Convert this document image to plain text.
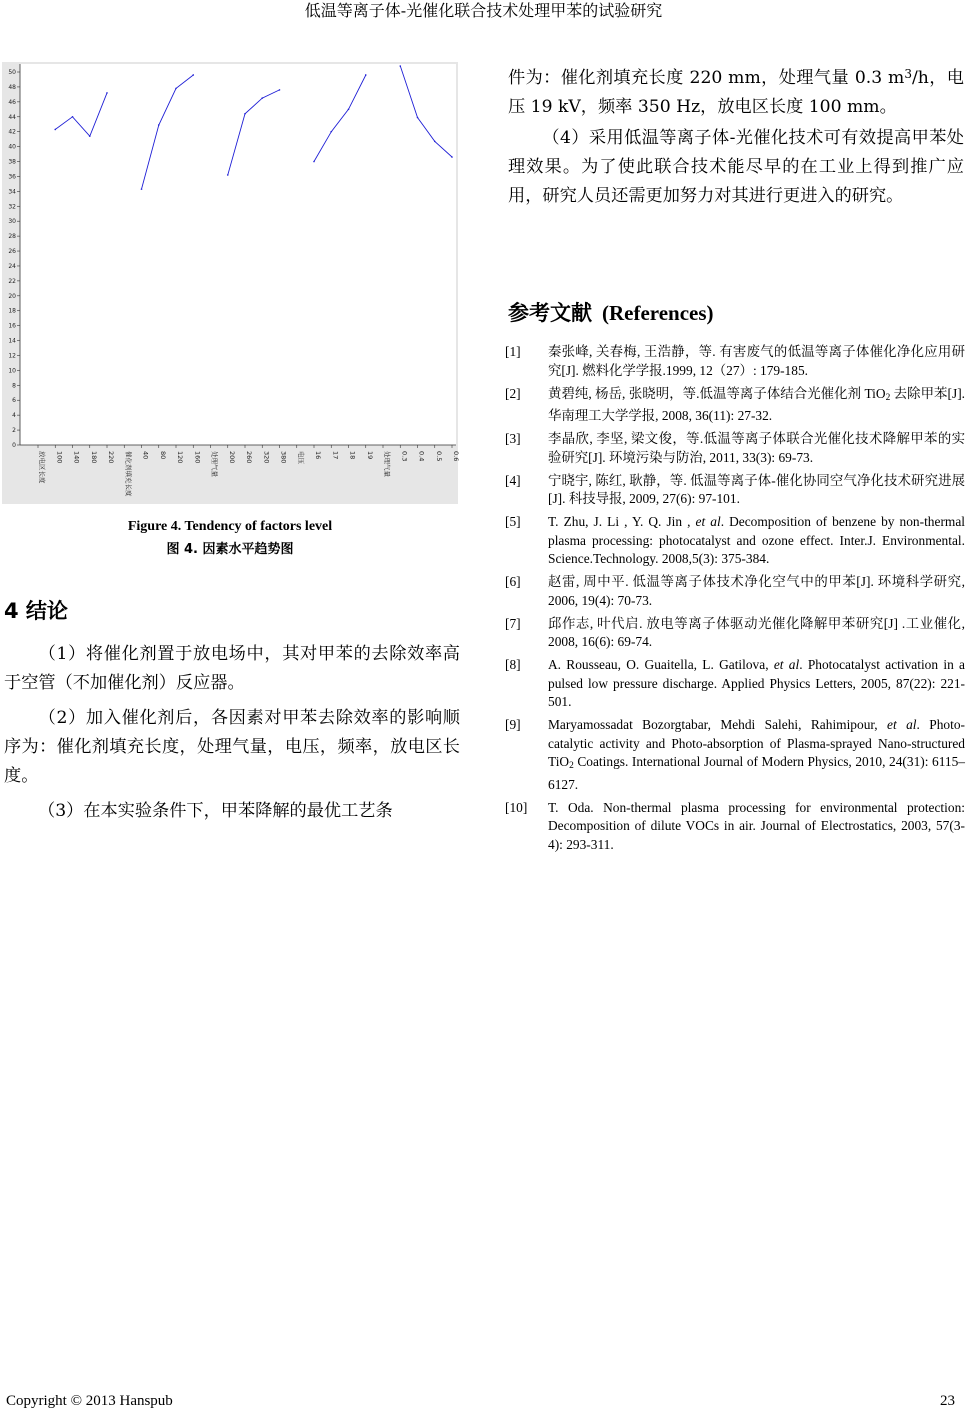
低温等离子体-光催化联合技术处理甲苯的试验研究
0
2
4
6
8
10
12
14
16
18
20
22
24
26
28
30
32
34
36
38
40
42
44
46
48
50
放电区长度 100 140 180 220 催化剂填充长度 40 80 120 160 处理气量 200 260 320 380 电压 16 17 18 19 处理气量 0.3 0.4 0.5 0.6
Figure 4. Tendency of factors level
图 4. 因素水平趋势图
4 结论
（1）将催化剂置于放电场中，其对甲苯的去除效率高于空管（不加催化剂）反应器。
（2）加入催化剂后，各因素对甲苯去除效率的影响顺序为：催化剂填充长度，处理气量，电压，频率，放电区长度。
（3）在本实验条件下，甲苯降解的最优工艺条
件为：催化剂填充长度 220 mm，处理气量 0.3 $m^3/h$，电压 19 kV，频率 350 Hz，放电区长度 100 mm。
（4）采用低温等离子体-光催化技术可有效提高甲苯处理效果。为了使此联合技术能尽早的在工业上得到推广应用，研究人员还需更加努力对其进行更进入的研究。
参考文献 (References)
[1] 秦张峰, 关春梅, 王浩静，等. 有害废气的低温等离子体催化净化应用研究[J]. 燃料化学学报.1999, 12（27）: 179-185.
[2] 黄碧纯, 杨岳, 张晓明，等.低温等离子体结合光催化剂 TiO$_2$ 去除甲苯[J]. 华南理工大学学报, 2008, 36(11): 27-32.
[3] 李晶欣, 李坚, 梁文俊，等.低温等离子体联合光催化技术降解甲苯的实验研究[J]. 环境污染与防治, 2011, 33(3): 69-73.
[4] 宁晓宇, 陈红, 耿静，等. 低温等离子体-催化协同空气净化技术研究进展[J]. 科技导报, 2009, 27(6): 97-101.
[5] T. Zhu, J. Li , Y. Q. Jin , et al. Decomposition of benzene by non-thermal plasma processing: photocatalyst and ozone effect. Inter.J. Environmental. Science.Technology. 2008,5(3): 375-384.
[6] 赵雷, 周中平. 低温等离子体技术净化空气中的甲苯[J]. 环境科学研究, 2006, 19(4): 70-73.
[7] 邱作志, 叶代启. 放电等离子体驱动光催化降解甲苯研究[J] .工业催化, 2008, 16(6): 69-74.
[8] A. Rousseau, O. Guaitella, L. Gatilova, et al. Photocatalyst activation in a pulsed low pressure discharge. Applied Physics Letters, 2005, 87(22): 221-501.
[9] Maryamossadat Bozorgtabar, Mehdi Salehi, Rahimipour, et al. Photo-catalytic activity and Photo-absorption of Plasma-sprayed Nano-structured TiO$_2$ Coatings. International Journal of Modern Physics, 2010, 24(31): 6115–6127.
[10] T. Oda. Non-thermal plasma processing for environmental protection: Decomposition of dilute VOCs in air. Journal of Electrostatics, 2003, 57(3-4): 293-311.
Copyright © 2013 Hanspub	23
